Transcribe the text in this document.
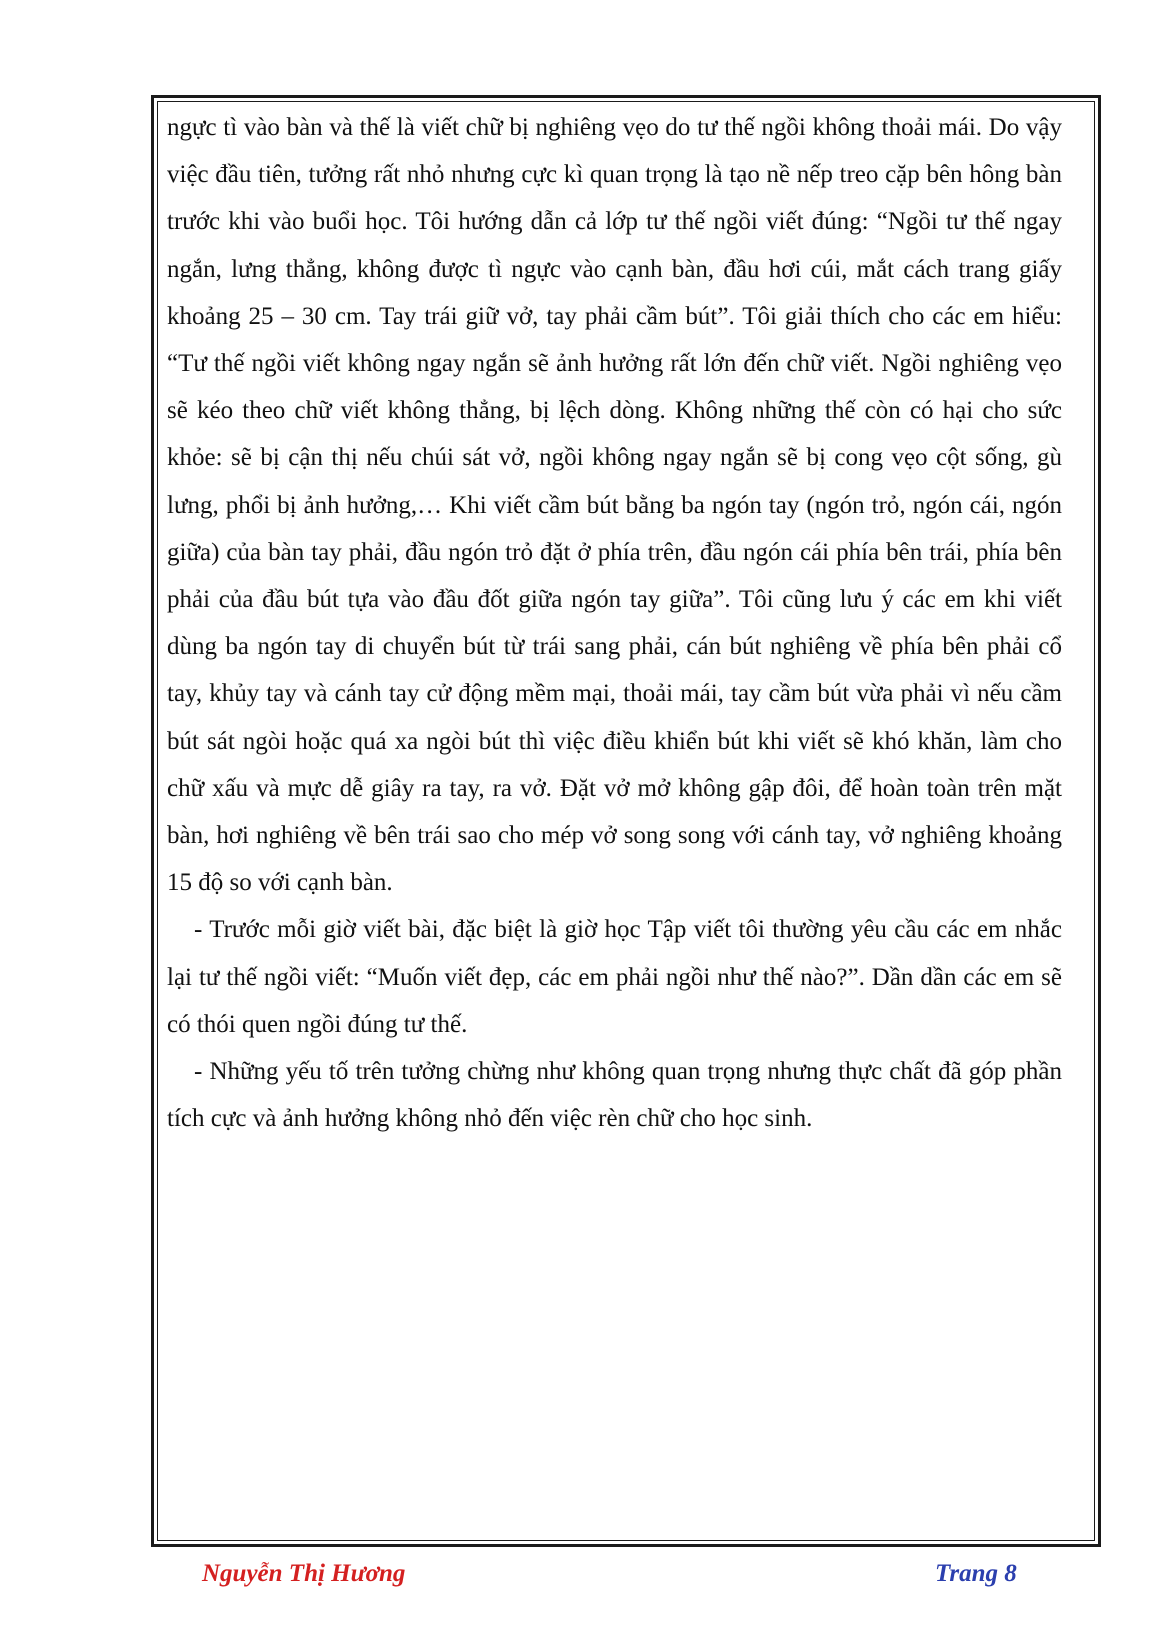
ngực tì vào bàn và thế là viết chữ bị nghiêng vẹo do tư thế ngồi không thoải mái. Do vậy việc đầu tiên, tưởng rất nhỏ nhưng cực kì quan trọng là tạo nề nếp treo cặp bên hông bàn trước khi vào buổi học. Tôi hướng dẫn cả lớp tư thế ngồi viết đúng: “Ngồi tư thế ngay ngắn, lưng thẳng, không được tì ngực vào cạnh bàn, đầu hơi cúi, mắt cách trang giấy khoảng 25 – 30 cm. Tay trái giữ vở, tay phải cầm bút”. Tôi giải thích cho các em hiểu: “Tư thế ngồi viết không ngay ngắn sẽ ảnh hưởng rất lớn đến chữ viết. Ngồi nghiêng vẹo sẽ kéo theo chữ viết không thẳng, bị lệch dòng. Không những thế còn có hại cho sức khỏe: sẽ bị cận thị nếu chúi sát vở, ngồi không ngay ngắn sẽ bị cong vẹo cột sống, gù lưng, phổi bị ảnh hưởng,… Khi viết cầm bút bằng ba ngón tay (ngón trỏ, ngón cái, ngón giữa) của bàn tay phải, đầu ngón trỏ đặt ở phía trên, đầu ngón cái phía bên trái, phía bên phải của đầu bút tựa vào đầu đốt giữa ngón tay giữa”. Tôi cũng lưu ý các em khi viết dùng ba ngón tay di chuyển bút từ trái sang phải, cán bút nghiêng về phía bên phải cổ tay, khủy tay và cánh tay cử động mềm mại, thoải mái, tay cầm bút vừa phải vì nếu cầm bút sát ngòi hoặc quá xa ngòi bút thì việc điều khiển bút khi viết sẽ khó khăn, làm cho chữ xấu và mực dễ giây ra tay, ra vở. Đặt vở mở không gập đôi, để hoàn toàn trên mặt bàn, hơi nghiêng về bên trái sao cho mép vở song song với cánh tay, vở nghiêng khoảng 15 độ so với cạnh bàn.

- Trước mỗi giờ viết bài, đặc biệt là giờ học Tập viết tôi thường yêu cầu các em nhắc lại tư thế ngồi viết: “Muốn viết đẹp, các em phải ngồi như thế nào?”. Dần dần các em sẽ có thói quen ngồi đúng tư thế.

- Những yếu tố trên tưởng chừng như không quan trọng nhưng thực chất đã góp phần tích cực và ảnh hưởng không nhỏ đến việc rèn chữ cho học sinh.

Nguyễn Thị Hương	Trang 8
